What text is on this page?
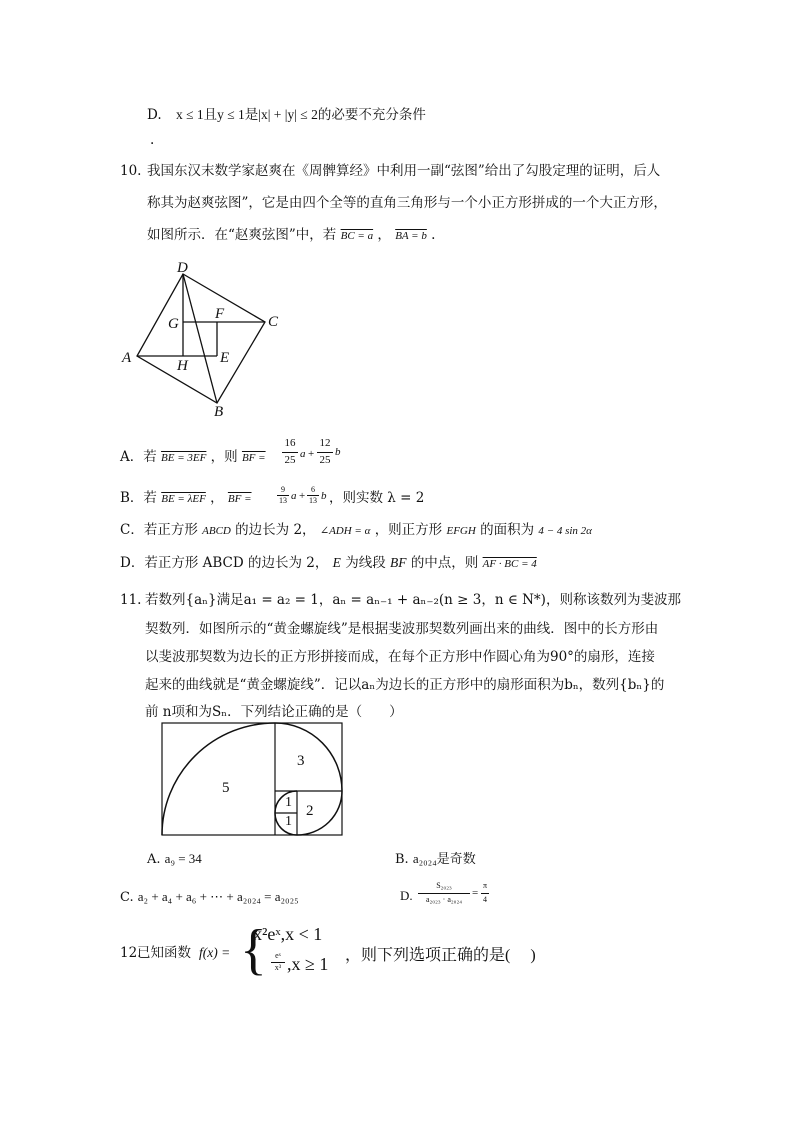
D. x ≤ 1且y ≤ 1是|x| + |y| ≤ 2的必要不充分条件
.
10. 我国东汉末数学家赵爽在《周髀算经》中利用一副“弦图”给出了勾股定理的证明，后人
称其为赵爽弦图”，它是由四个全等的直角三角形与一个小正方形拼成的一个大正方形，
如图所示．在“赵爽弦图”中，若 BC = a ， BA = b .
D
G
F	C
A	H E
B
A．若 BE = 3EF ，则 BF =
16
25 a +
12
25
b
B．若 BE = λEF ， BF =
9
13 a +
6
13 b ，则实数 λ = 2
C．若正方形 ABCD 的边长为 2， ∠ADH = α ，则正方形 EFGH 的面积为 4 − 4 sin 2α
D．若正方形 ABCD 的边长为 2， E 为线段 BF 的中点，则 AF · BC = 4
11. 若数列{aₙ}满足a₁ = a₂ = 1，aₙ = aₙ₋₁ + aₙ₋₂(n ≥ 3，n ∈ N*)，则称该数列为斐波那
契数列．如图所示的“黄金螺旋线”是根据斐波那契数列画出来的曲线．图中的长方形由
以斐波那契数为边长的正方形拼接而成，在每个正方形中作圆心角为90°的扇形，连接
起来的曲线就是“黄金螺旋线”．记以aₙ为边长的正方形中的扇形面积为bₙ，数列{bₙ}的
前 n项和为Sₙ．下列结论正确的是（　　）
5
3
2
1
1
A. a₉ = 34	B. a₂₀₂₄是奇数
C. a₂ + a₄ + a₆ + ⋯ + a₂₀₂₄ = a₂₀₂₅	D.
S₂₀₂₃
a₂₀₂₃ · a₂₀₂₄
=
π
4
12.
已知函数 f(x) = {
x²eˣ,x < 1
eˣ
x³ ,x ≥ 1 ，则下列选项正确的是(　 )
